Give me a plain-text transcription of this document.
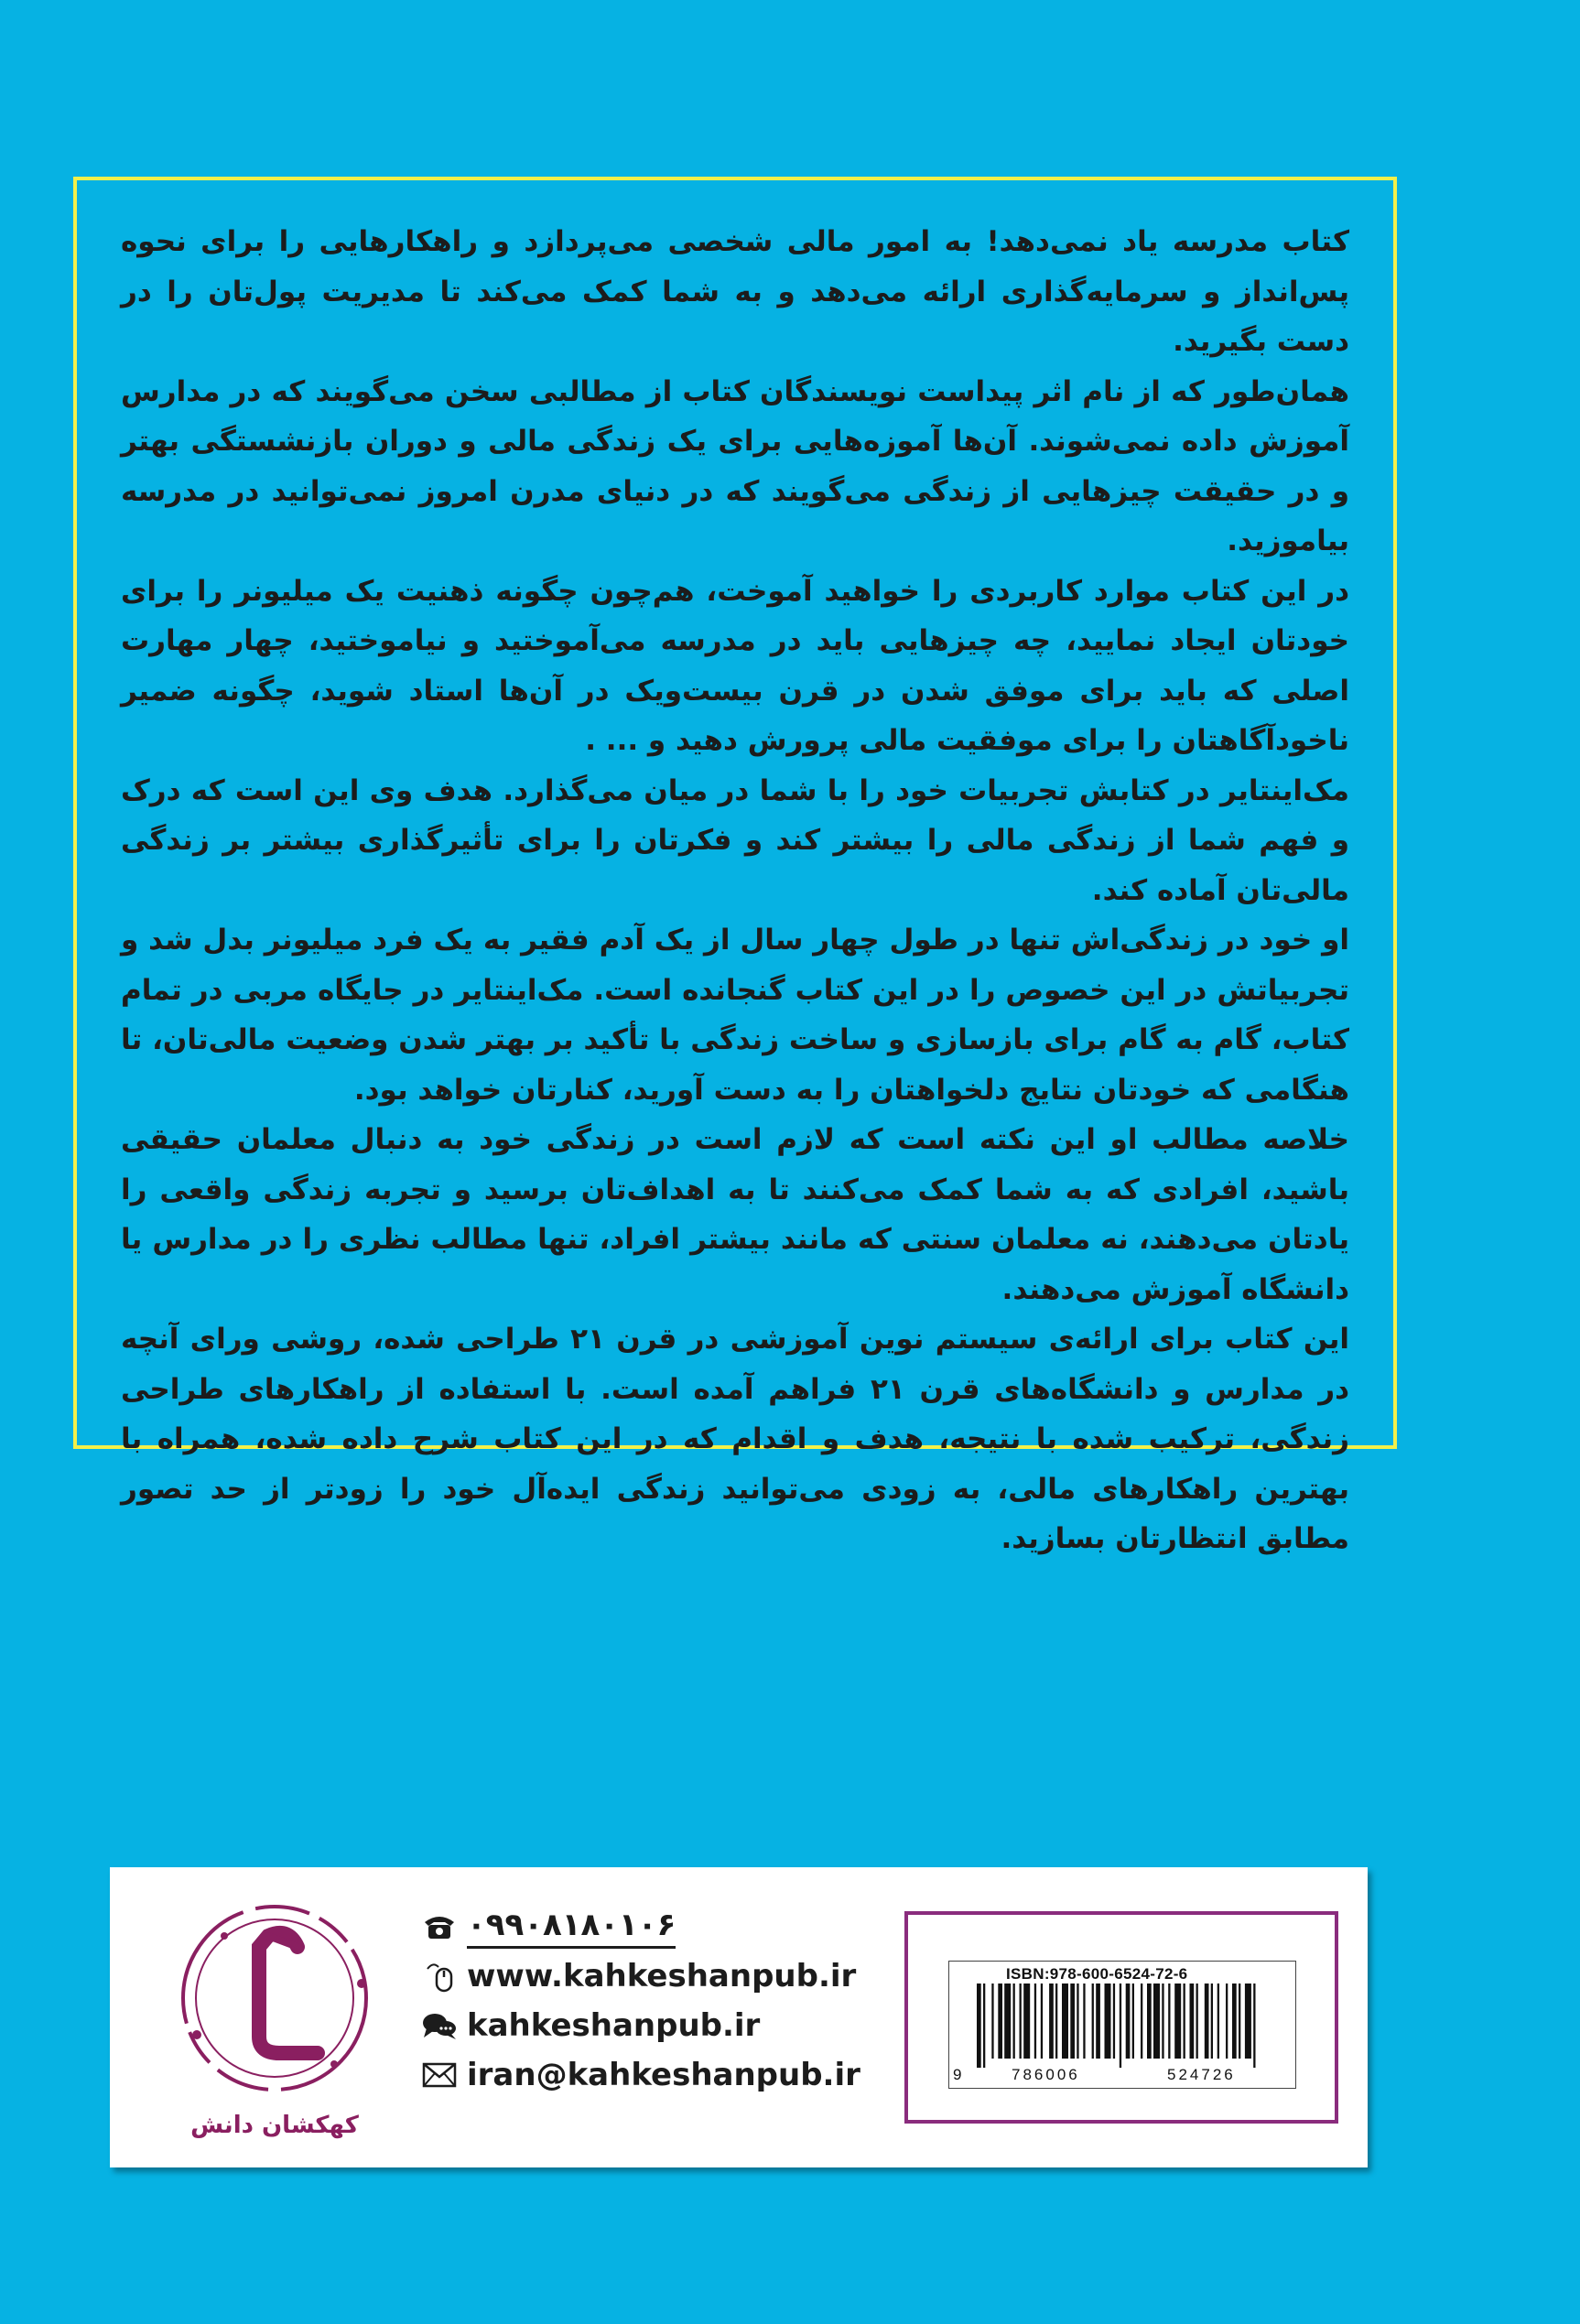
کتاب مدرسه یاد نمی‌دهد! به امور مالی شخصی می‌پردازد و راهکارهایی را برای نحوه پس‌انداز و سرمایه‌گذاری ارائه می‌دهد و به شما کمک می‌کند تا مدیریت پول‌تان را در دست بگیرید.

همان‌طور که از نام اثر پیداست نویسندگان کتاب از مطالبی سخن می‌گویند که در مدارس آموزش داده نمی‌شوند. آن‌ها آموزه‌هایی برای یک زندگی مالی و دوران بازنشستگی بهتر و در حقیقت چیزهایی از زندگی می‌گویند که در دنیای مدرن امروز نمی‌توانید در مدرسه بیاموزید.

در این کتاب موارد کاربردی را خواهید آموخت، هم‌چون چگونه ذهنیت یک میلیونر را برای خودتان ایجاد نمایید، چه چیزهایی باید در مدرسه می‌آموختید و نیاموختید، چهار مهارت اصلی که باید برای موفق شدن در قرن بیست‌ویک در آن‌ها استاد شوید، چگونه ضمیر ناخودآگاهتان را برای موفقیت مالی پرورش دهید و ... .

مک‌اینتایر در کتابش تجربیات خود را با شما در میان می‌گذارد. هدف وی این است که درک و فهم شما از زندگی مالی را بیشتر کند و فکرتان را برای تأثیرگذاری بیشتر بر زندگی مالی‌تان آماده کند.

او خود در زندگی‌اش تنها در طول چهار سال از یک آدم فقیر به یک فرد میلیونر بدل شد و تجربیاتش در این خصوص را در این کتاب گنجانده است. مک‌اینتایر در جایگاه مربی در تمام کتاب، گام به گام برای بازسازی و ساخت زندگی با تأکید بر بهتر شدن وضعیت مالی‌تان، تا هنگامی که خودتان نتایج دلخواهتان را به دست آورید، کنارتان خواهد بود.

خلاصه مطالب او این نکته است که لازم است در زندگی خود به دنبال معلمان حقیقی باشید، افرادی که به شما کمک می‌کنند تا به اهداف‌تان برسید و تجربه زندگی واقعی را یادتان می‌دهند، نه معلمان سنتی که مانند بیشتر افراد، تنها مطالب نظری را در مدارس یا دانشگاه آموزش می‌دهند.

این کتاب برای ارائه‌ی سیستم نوین آموزشی در قرن ۲۱ طراحی شده، روشی ورای آنچه در مدارس و دانشگاه‌های قرن ۲۱ فراهم آمده است. با استفاده از راهکارهای طراحی زندگی، ترکیب شده با نتیجه، هدف و اقدام که در این کتاب شرح داده شده، همراه با بهترین راهکارهای مالی، به زودی می‌توانید زندگی ایده‌آل خود را زودتر از حد تصور مطابق انتظارتان بسازید.

کهکشان دانش
۰۹۹۰۸۱۸۰۱۰۶
www.kahkeshanpub.ir
kahkeshanpub.ir
iran@kahkeshanpub.ir
ISBN:978-600-6524-72-6
9	786006	524726
